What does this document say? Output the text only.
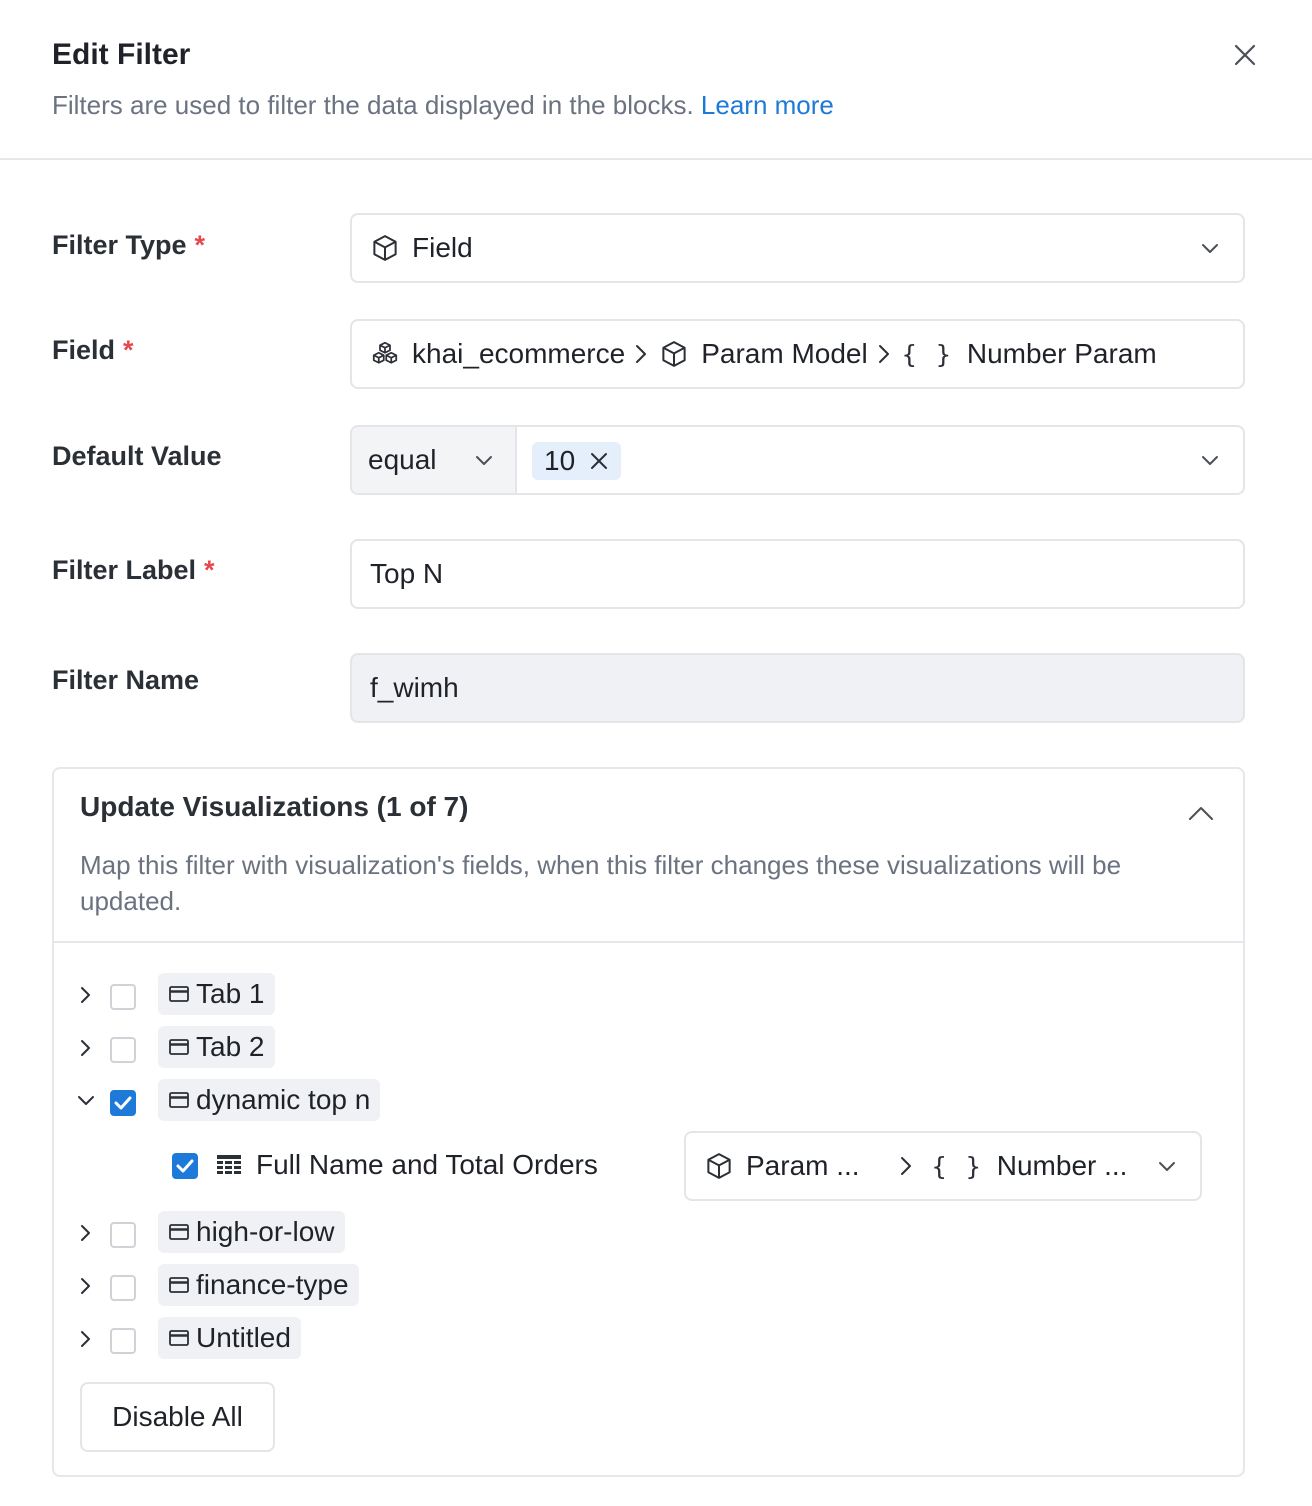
Edit Filter
Filters are used to filter the data displayed in the blocks. Learn more
Filter Type *	Field
Field *	khai_ecommerce	Param Model { } Number Param
Default Value	equal	10
Filter Label *	Top N
Filter Name	f_wimh
Update Visualizations (1 of 7)
Map this filter with visualization's fields, when this filter changes these visualizations will be updated.
Tab 1
Tab 2
dynamic top n
Full Name and Total Orders	Param ...	{ } Number ...
high-or-low
finance-type
Untitled
Disable All
